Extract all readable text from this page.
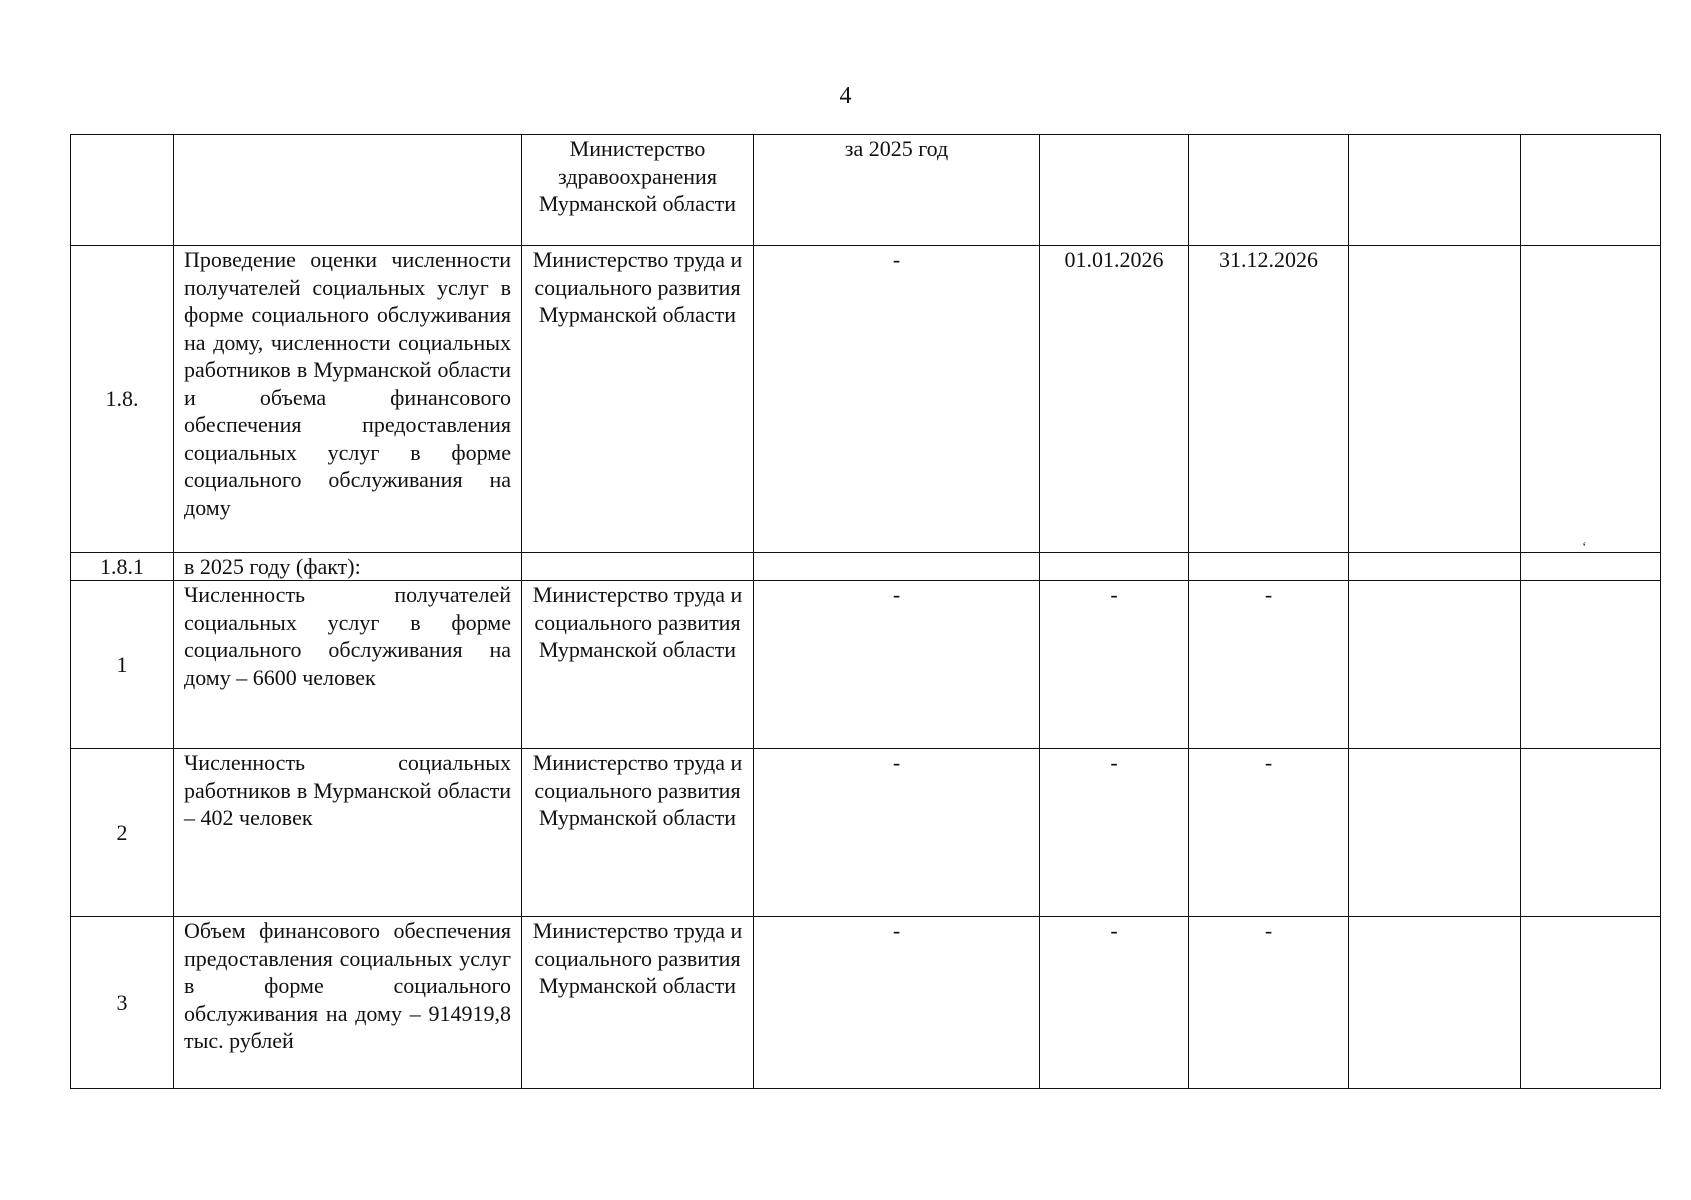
4
		Министерство здравоохранения Мурманской области	за 2025 год				
1.8.	Проведение оценки численности получателей социальных услуг в форме социального обслуживания на дому, численности социальных работников в Мурманской области и объема финансового обеспечения предоставления социальных услуг в форме социального обслуживания на дому	Министерство труда и социального развития Мурманской области	-	01.01.2026	31.12.2026		
1.8.1	в 2025 году (факт):						
1	Численность получателей социальных услуг в форме социального обслуживания на дому – 6600 человек	Министерство труда и социального развития Мурманской области	-	-	-		
2	Численность социальных работников в Мурманской области – 402 человек	Министерство труда и социального развития Мурманской области	-	-	-		
3	Объем финансового обеспечения предоставления социальных услуг в форме социального обслуживания на дому – 914919,8 тыс. рублей	Министерство труда и социального развития Мурманской области	-	-	-		
‘
